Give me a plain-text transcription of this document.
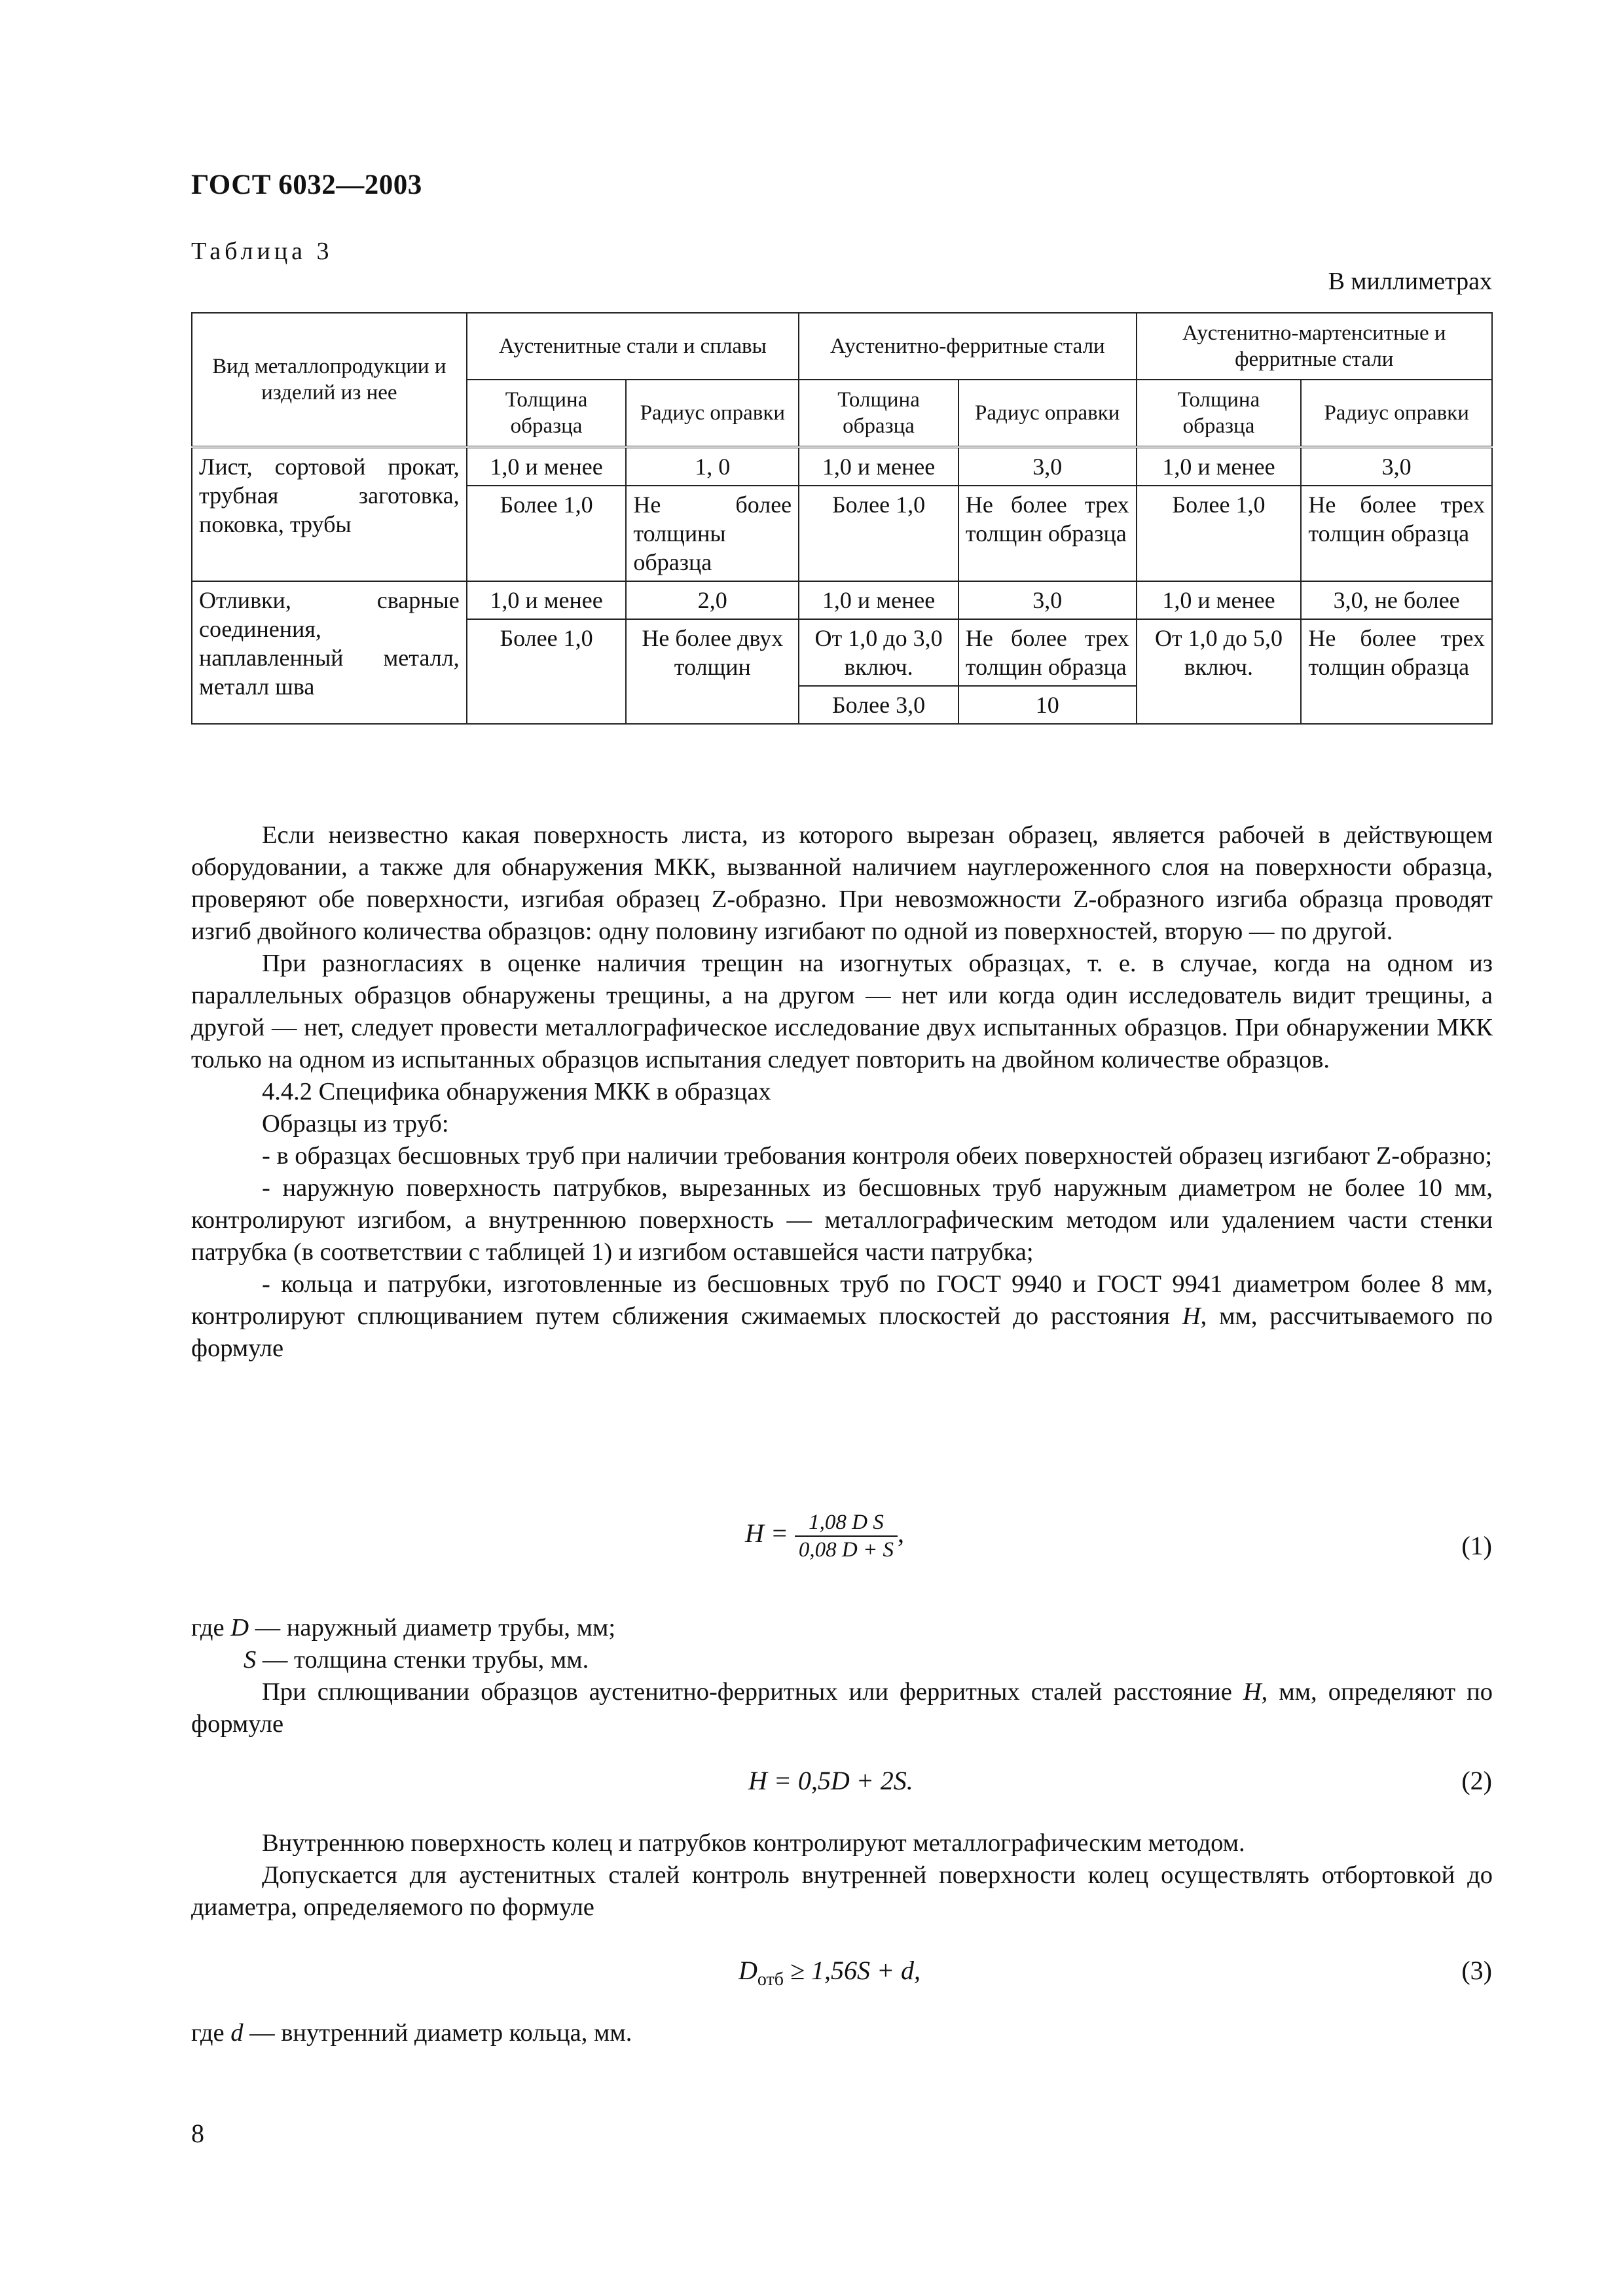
ГОСТ 6032—2003
Таблица 3
В миллиметрах
Вид металлопродукции и изделий из нее	Аустенитные стали и сплавы		Аустенитно-ферритные стали		Аустенитно-мартенситные и ферритные стали	
	Толщина образца	Радиус оправки	Толщина образца	Радиус оправки	Толщина образца	Радиус оправки
Лист, сортовой прокат, трубная заготовка, поковка, трубы	1,0 и менее	1, 0	1,0 и менее	3,0	1,0 и менее	3,0
	Более 1,0	Не более толщины образца	Более 1,0	Не более трех толщин образца	Более 1,0	Не более трех толщин образца
Отливки, сварные соединения, наплавленный металл, металл шва	1,0 и менее	2,0	1,0 и менее	3,0	1,0 и менее	3,0, не более
	Более 1,0	Не более двух толщин	От 1,0 до 3,0 включ.	Не более трех толщин образца	От 1,0 до 5,0 включ.	Не более трех толщин образца
			Более 3,0	10		

Если неизвестно какая поверхность листа, из которого вырезан образец, является рабочей в действующем оборудовании, а также для обнаружения МКК, вызванной наличием науглероженного слоя на поверхности образца, проверяют обе поверхности, изгибая образец Z-образно. При невозможности Z-образного изгиба образца проводят изгиб двойного количества образцов: одну половину изгибают по одной из поверхностей, вторую — по другой.

При разногласиях в оценке наличия трещин на изогнутых образцах, т. е. в случае, когда на одном из параллельных образцов обнаружены трещины, а на другом — нет или когда один исследователь видит трещины, а другой — нет, следует провести металлографическое исследование двух испытанных образцов. При обнаружении МКК только на одном из испытанных образцов испытания следует повторить на двойном количестве образцов.

4.4.2 Специфика обнаружения МКК в образцах

Образцы из труб:

- в образцах бесшовных труб при наличии требования контроля обеих поверхностей образец изгибают Z-образно;

- наружную поверхность патрубков, вырезанных из бесшовных труб наружным диаметром не более 10 мм, контролируют изгибом, а внутреннюю поверхность — металлографическим методом или удалением части стенки патрубка (в соответствии с таблицей 1) и изгибом оставшейся части патрубка;

- кольца и патрубки, изготовленные из бесшовных труб по ГОСТ 9940 и ГОСТ 9941 диаметром более 8 мм, контролируют сплющиванием путем сближения сжимаемых плоскостей до расстояния H, мм, рассчитываемого по формуле

$H = \frac{\text{1,08 D S}}{0,08 D + S}$ ,	(1)

где D — наружный диаметр трубы, мм;

S — толщина стенки трубы, мм.

При сплющивании образцов аустенитно-ферритных или ферритных сталей расстояние H, мм, определяют по формуле

H = 0,5D + 2S.	(2)

Внутреннюю поверхность колец и патрубков контролируют металлографическим методом.

Допускается для аустенитных сталей контроль внутренней поверхности колец осуществлять отбортовкой до диаметра, определяемого по формуле

$D_{отб} \ge 1,56S + d$,	(3)

где d — внутренний диаметр кольца, мм.

8
